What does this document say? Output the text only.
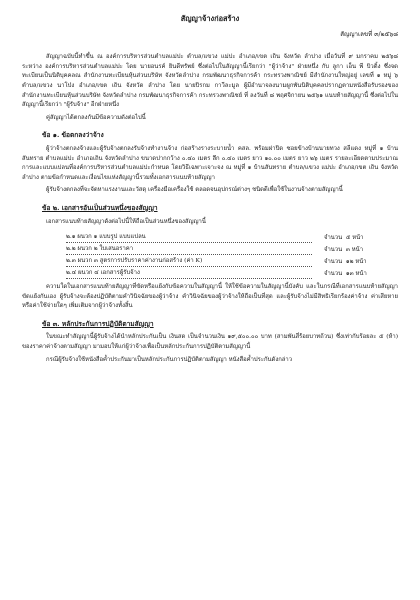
สัญญาจ้างก่อสร้าง
สัญญาเลขที่ ๓/๒๕๖๘

สัญญาฉบับนี้ทำขึ้น ณ องค์การบริหารส่วนตำบลแม่ปะ ตำบล/แขวง แม่ปะ อำเภอ/เขต เถิน จังหวัด ลำปาง เมื่อวันที่ ๙ มกราคม ๒๕๖๘ ระหว่าง องค์การบริหารส่วนตำบลแม่ปะ โดย นายอนรค์ ยินดีทรัพย์ ซึ่งต่อไปในสัญญานี้เรียกว่า "ผู้ว่าจ้าง" ฝ่ายหนึ่ง กับ ลูกา เอ็น พี บิวดิ้ง ซึ่งจดทะเบียนเป็นนิติบุคคลณ สำนักงานทะเบียนหุ้นส่วนบริษัท จังหวัดลำปาง กรมพัฒนาธุรกิจการค้า กระทรวงพาณิชย์ มีสำนักงานใหญ่อยู่ เลขที่ ๑ หมู่ ๖ ตำบล/แขวง นาโป่ง อำเภอ/เขต เถิน จังหวัด ลำปาง โดย นายปิรกม กาวีละมูล ผู้มีอำนาจลงนามผูกพันนิติบุคคลปรากฏตามหนังสือรับรองของ สำนักงานทะเบียนหุ้นส่วนบริษัท จังหวัดลำปาง กรมพัฒนาธุรกิจการค้า กระทรวงพาณิชย์ ที่ ลงวันที่ ๘ พฤศจิกายน ๒๕๖๑ แนบท้ายสัญญานี้ ซึ่งต่อไปในสัญญานี้เรียกว่า "ผู้รับจ้าง" อีกฝ่ายหนึ่ง

คู่สัญญาได้ตกลงกันมีข้อความดังต่อไปนี้

ข้อ ๑. ข้อตกลงว่าจ้าง

ผู้ว่าจ้างตกลงจ้างและผู้รับจ้างตกลงรับจ้างทำงานจ้าง ก่อสร้างรางระบายน้ำ คสล. พร้อมฝาปิด ซอยข้างบ้านนายทวง สลีแดง หมู่ที่ ๑ บ้านสันทราย ตำบลแม่ปะ อำเภอเถิน จังหวัดลำปาง ขนาดปากกว้าง ๐.๔๐ เมตร ลึก ๐.๔๐ เมตร ยาว ๑๐.๐๐ เมตร ยาว ๒๖ เมตร รายละเอียดตามประมาณการและแบบแปลนที่องค์การบริหารส่วนตำบลแม่ปะกำหนด โดยวิธีเฉพาะเจาะจง ณ หมู่ที่ ๑ บ้านสันทราย ตำบล/แขวง แม่ปะ อำเภอ/เขต เถิน จังหวัด ลำปาง ตามข้อกำหนดและเงื่อนไขแห่งสัญญานี้รวมทั้งเอกสารแนบท้ายสัญญา

ผู้รับจ้างตกลงที่จะจัดหาแรงงานและวัสดุ เครื่องมือเครื่องใช้ ตลอดจนอุปกรณ์ต่างๆ ชนิดดีเพื่อใช้ในงานจ้างตามสัญญานี้

ข้อ ๒. เอกสารอันเป็นส่วนหนึ่งของสัญญา

เอกสารแนบท้ายสัญญาดังต่อไปนี้ให้ถือเป็นส่วนหนึ่งของสัญญานี้

๒.๑ ผนวก ๑ แบบรูป แบบแปลน	จำนวน ๕ หน้า
๒.๒ ผนวก ๒ ใบเสนอราคา	จำนวน ๓ หน้า
๒.๓ ผนวก ๓ สูตรการปรับราคาค่างานก่อสร้าง (ค่า K)	จำนวน ๑๒ หน้า
๒.๔ ผนวก ๔ เอกสารผู้รับจ้าง	จำนวน ๑๓ หน้า

ความใดในเอกสารแนบท้ายสัญญาที่ขัดหรือแย้งกับข้อความในสัญญานี้ ให้ใช้ข้อความในสัญญานี้บังคับ และในกรณีที่เอกสารแนบท้ายสัญญาขัดแย้งกันเอง ผู้รับจ้างจะต้องปฏิบัติตามคำวินิจฉัยของผู้ว่าจ้าง คำวินิจฉัยของผู้ว่าจ้างให้ถือเป็นที่สุด และผู้รับจ้างไม่มีสิทธิเรียกร้องค่าจ้าง ค่าเสียหายหรือค่าใช้จ่ายใดๆ เพิ่มเติมจากผู้ว่าจ้างทั้งสิ้น

ข้อ ๓. หลักประกันการปฏิบัติตามสัญญา

ในขณะทำสัญญานี้ผู้รับจ้างได้นำหลักประกันเป็น เงินสด เป็นจำนวนเงิน ๑๙,๕๐๐.๐๐ บาท (สามพันสี่ร้อยบาทถ้วน) ซึ่งเท่ากับร้อยละ ๕ (ห้า) ของราคาค่าจ้างตามสัญญา มามอบให้แก่ผู้ว่าจ้างเพื่อเป็นหลักประกันการปฏิบัติตามสัญญานี้

กรณีผู้รับจ้างใช้หนังสือค้ำประกันมาเป็นหลักประกันการปฏิบัติตามสัญญา หนังสือค้ำประกันดังกล่าว
